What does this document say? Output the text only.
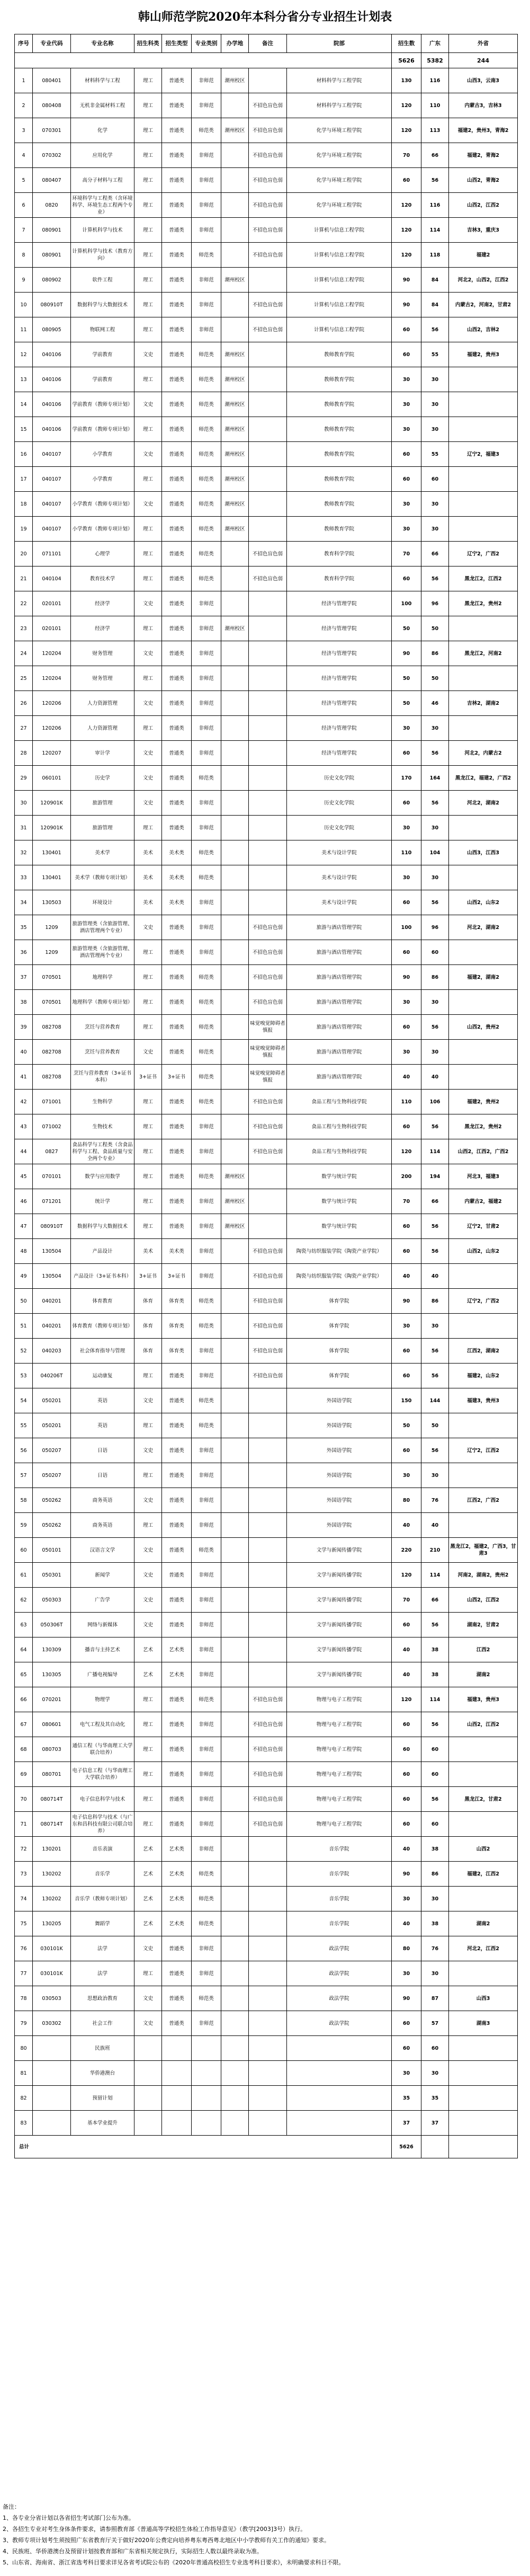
韩山师范学院2020年本科分省分专业招生计划表
序号	专业代码	专业名称	招生科类	招生类型	专业类别	办学地	备注	院部	招生数	广东	外省
									5626	5382	244
1	080401	材料科学与工程	理工	普通类	非师范	潮州校区		材料科学与工程学院	130	116	山西3，云南3
2	080408	无机非金属材料工程	理工	普通类	非师范		不招色盲色弱	材料科学与工程学院	120	110	内蒙古3，吉林3
3	070301	化学	理工	普通类	师范类	潮州校区	不招色盲色弱	化学与环境工程学院	120	113	福建2，贵州3，青海2
4	070302	应用化学	理工	普通类	非师范		不招色盲色弱	化学与环境工程学院	70	66	福建2，青海2
5	080407	高分子材料与工程	理工	普通类	非师范		不招色盲色弱	化学与环境工程学院	60	56	山西2，青海2
6	0820	环境科学与工程类（含环境科学、环境生态工程两个专业）	理工	普通类	非师范		不招色盲色弱	化学与环境工程学院	120	116	山西2，江西2
7	080901	计算机科学与技术	理工	普通类	非师范		不招色盲色弱	计算机与信息工程学院	120	114	吉林3，重庆3
8	080901	计算机科学与技术（教育方向）	理工	普通类	师范类		不招色盲色弱	计算机与信息工程学院	120	118	福建2
9	080902	软件工程	理工	普通类	非师范	潮州校区		计算机与信息工程学院	90	84	河北2，山西2，江西2
10	080910T	数据科学与大数据技术	理工	普通类	非师范		不招色盲色弱	计算机与信息工程学院	90	84	内蒙古2，河南2，甘肃2
11	080905	物联网工程	理工	普通类	非师范		不招色盲色弱	计算机与信息工程学院	60	56	山西2，吉林2
12	040106	学前教育	文史	普通类	师范类	潮州校区		教师教育学院	60	55	福建2，贵州3
13	040106	学前教育	理工	普通类	师范类	潮州校区		教师教育学院	30	30	
14	040106	学前教育（教师专项计划）	文史	普通类	师范类	潮州校区		教师教育学院	30	30	
15	040106	学前教育（教师专项计划）	理工	普通类	师范类	潮州校区		教师教育学院	30	30	
16	040107	小学教育	文史	普通类	师范类	潮州校区		教师教育学院	60	55	辽宁2，福建3
17	040107	小学教育	理工	普通类	师范类	潮州校区		教师教育学院	60	60	
18	040107	小学教育（教师专项计划）	文史	普通类	师范类	潮州校区		教师教育学院	30	30	
19	040107	小学教育（教师专项计划）	理工	普通类	师范类	潮州校区		教师教育学院	30	30	
20	071101	心理学	理工	普通类	师范类		不招色盲色弱	教育科学学院	70	66	辽宁2，广西2
21	040104	教育技术学	理工	普通类	师范类		不招色盲色弱	教育科学学院	60	56	黑龙江2，江西2
22	020101	经济学	文史	普通类	非师范			经济与管理学院	100	96	黑龙江2，贵州2
23	020101	经济学	理工	普通类	非师范	潮州校区		经济与管理学院	50	50	
24	120204	财务管理	文史	普通类	非师范			经济与管理学院	90	86	黑龙江2，河南2
25	120204	财务管理	理工	普通类	非师范			经济与管理学院	50	50	
26	120206	人力资源管理	文史	普通类	非师范			经济与管理学院	50	46	吉林2，湖南2
27	120206	人力资源管理	理工	普通类	非师范			经济与管理学院	30	30	
28	120207	审计学	文史	普通类	非师范			经济与管理学院	60	56	河北2，内蒙古2
29	060101	历史学	文史	普通类	师范类			历史文化学院	170	164	黑龙江2，福建2，广西2
30	120901K	旅游管理	文史	普通类	非师范			历史文化学院	60	56	河北2，湖南2
31	120901K	旅游管理	理工	普通类	非师范			历史文化学院	30	30	
32	130401	美术学	美术	美术类	师范类			美术与设计学院	110	104	山西3，江西3
33	130401	美术学（教师专项计划）	美术	美术类	师范类			美术与设计学院	30	30	
34	130503	环境设计	美术	美术类	非师范			美术与设计学院	60	56	山西2，山东2
35	1209	旅游管理类（含旅游管理、酒店管理两个专业）	文史	普通类	非师范		不招色盲色弱	旅游与酒店管理学院	100	96	河北2，湖南2
36	1209	旅游管理类（含旅游管理、酒店管理两个专业）	理工	普通类	非师范		不招色盲色弱	旅游与酒店管理学院	60	60	
37	070501	地理科学	理工	普通类	师范类		不招色盲色弱	旅游与酒店管理学院	90	86	福建2，湖南2
38	070501	地理科学（教师专项计划）	理工	普通类	师范类		不招色盲色弱	旅游与酒店管理学院	30	30	
39	082708	烹饪与营养教育	理工	普通类	师范类		味觉嗅觉障碍者慎报	旅游与酒店管理学院	60	56	山西2，贵州2
40	082708	烹饪与营养教育	文史	普通类	师范类		味觉嗅觉障碍者慎报	旅游与酒店管理学院	30	30	
41	082708	烹饪与营养教育（3+证书本科）	3+证书	3+证书	师范类		味觉嗅觉障碍者慎报	旅游与酒店管理学院	40	40	
42	071001	生物科学	理工	普通类	师范类		不招色盲色弱	食品工程与生物科技学院	110	106	福建2，贵州2
43	071002	生物技术	理工	普通类	非师范		不招色盲色弱	食品工程与生物科技学院	60	56	黑龙江2，贵州2
44	0827	食品科学与工程类（含食品科学与工程、食品质量与安全两个专业）	理工	普通类	非师范		不招色盲色弱	食品工程与生物科技学院	120	114	山西2，江西2，广西2
45	070101	数学与应用数学	理工	普通类	师范类	潮州校区		数学与统计学院	200	194	河北3，福建3
46	071201	统计学	理工	普通类	非师范	潮州校区		数学与统计学院	70	66	内蒙古2，福建2
47	080910T	数据科学与大数据技术	理工	普通类	非师范	潮州校区		数学与统计学院	60	56	辽宁2，甘肃2
48	130504	产品设计	美术	美术类	非师范		不招色盲色弱	陶瓷与纺织服装学院（陶瓷产业学院）	60	56	山西2，山东2
49	130504	产品设计（3+证书本科）	3+证书	3+证书	非师范		不招色盲色弱	陶瓷与纺织服装学院（陶瓷产业学院）	40	40	
50	040201	体育教育	体育	体育类	师范类		不招色盲色弱	体育学院	90	86	辽宁2，广西2
51	040201	体育教育（教师专项计划）	体育	体育类	师范类		不招色盲色弱	体育学院	30	30	
52	040203	社会体育指导与管理	体育	体育类	非师范		不招色盲色弱	体育学院	60	56	江西2，湖南2
53	040206T	运动康复	理工	普通类	非师范		不招色盲色弱	体育学院	60	56	福建2，山东2
54	050201	英语	文史	普通类	师范类			外国语学院	150	144	福建3，贵州3
55	050201	英语	理工	普通类	师范类			外国语学院	50	50	
56	050207	日语	文史	普通类	非师范			外国语学院	60	56	辽宁2，江西2
57	050207	日语	理工	普通类	非师范			外国语学院	30	30	
58	050262	商务英语	文史	普通类	非师范			外国语学院	80	76	江西2，广西2
59	050262	商务英语	理工	普通类	非师范			外国语学院	40	40	
60	050101	汉语言文学	文史	普通类	师范类			文学与新闻传播学院	220	210	黑龙江2，福建2，广西3，甘肃3
61	050301	新闻学	文史	普通类	非师范			文学与新闻传播学院	120	114	河南2，湖南2，贵州2
62	050303	广告学	文史	普通类	非师范			文学与新闻传播学院	70	66	山西2，江西2
63	050306T	网络与新媒体	文史	普通类	非师范			文学与新闻传播学院	60	56	湖南2，甘肃2
64	130309	播音与主持艺术	艺术	艺术类	非师范			文学与新闻传播学院	40	38	江西2
65	130305	广播电视编导	艺术	艺术类	非师范			文学与新闻传播学院	40	38	湖南2
66	070201	物理学	理工	普通类	师范类		不招色盲色弱	物理与电子工程学院	120	114	福建3，贵州3
67	080601	电气工程及其自动化	理工	普通类	非师范		不招色盲色弱	物理与电子工程学院	60	56	山西2，江西2
68	080703	通信工程（与华南理工大学联合培养）	理工	普通类	非师范		不招色盲色弱	物理与电子工程学院	60	60	
69	080701	电子信息工程（与华南理工大学联合培养）	理工	普通类	非师范		不招色盲色弱	物理与电子工程学院	60	60	
70	080714T	电子信息科学与技术	理工	普通类	非师范		不招色盲色弱	物理与电子工程学院	60	56	黑龙江2，甘肃2
71	080714T	电子信息科学与技术（与广东和昌科技有限公司联合培养）	理工	普通类	非师范		不招色盲色弱	物理与电子工程学院	60	60	
72	130201	音乐表演	艺术	艺术类	非师范			音乐学院	40	38	山西2
73	130202	音乐学	艺术	艺术类	师范类			音乐学院	90	86	福建2，江西2
74	130202	音乐学（教师专项计划）	艺术	艺术类	师范类			音乐学院	30	30	
75	130205	舞蹈学	艺术	艺术类	师范类			音乐学院	40	38	湖南2
76	030101K	法学	文史	普通类	非师范			政法学院	80	76	河北2，江西2
77	030101K	法学	理工	普通类	非师范			政法学院	30	30	
78	030503	思想政治教育	文史	普通类	师范类			政法学院	90	87	山西3
79	030302	社会工作	文史	普通类	非师范			政法学院	60	57	湖南3
80		民族班							60	60	
81		华侨港澳台							30	30	
82		预留计划							35	35	
83		基本学业提升							37	37	
总计									5626		
备注：
1、各专业分省计划以各省招生考试部门公布为准。
2、各招生专业对考生身体条件要求，请参照教育部《普通高等学校招生体检工作指导意见》（教学[2003]3号）执行。
3、教师专项计划考生须按照广东省教育厅关于做好2020年公费定向培养粤东粤西粤北地区中小学教师有关工作的通知》要求。
4、民族班、华侨港澳台及预留计划按教育部和广东省相关规定执行，实际招生人数以最终录取为准。
5、山东省、海南省、浙江省选考科目要求详见各省考试院公布的《2020年普通高校招生专业选考科目要求》，未明确要求科目不限。
